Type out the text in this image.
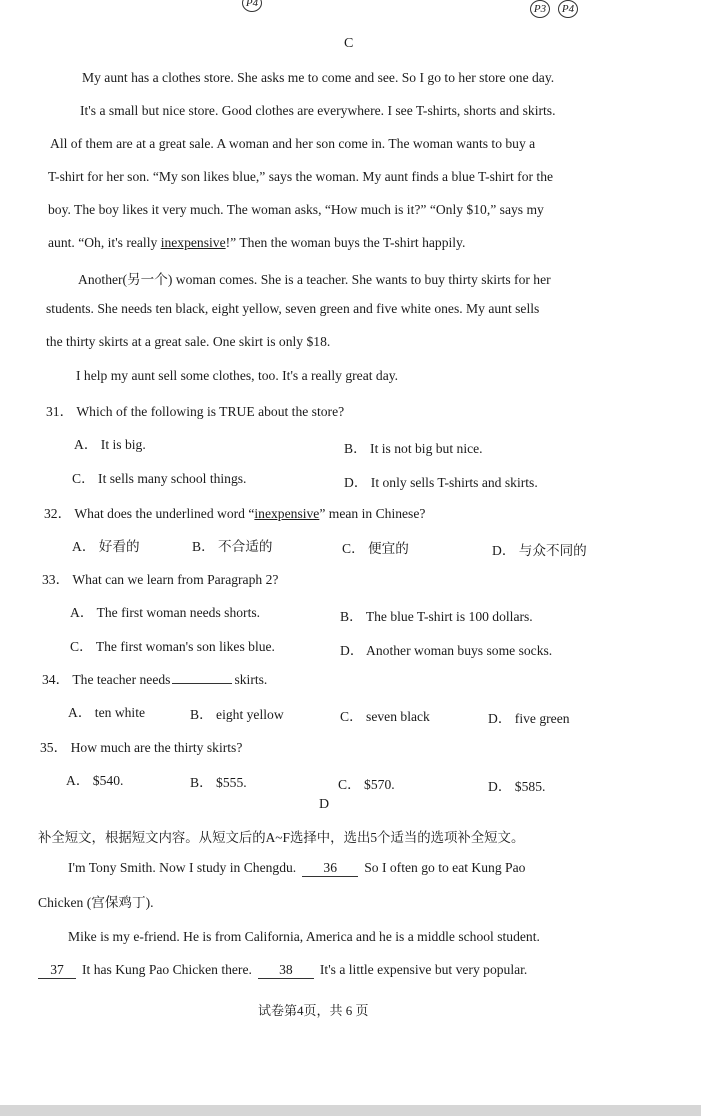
P4	P3	P4
C
My aunt has a clothes store. She asks me to come and see. So I go to her store one day.
It's a small but nice store. Good clothes are everywhere. I see T-shirts, shorts and skirts.
All of them are at a great sale. A woman and her son come in. The woman wants to buy a
T-shirt for her son. “My son likes blue,” says the woman. My aunt finds a blue T-shirt for the
boy. The boy likes it very much. The woman asks, “How much is it?” “Only $10,” says my
aunt. “Oh, it's really inexpensive!” Then the woman buys the T-shirt happily.
Another(另一个) woman comes. She is a teacher. She wants to buy thirty skirts for her
students. She needs ten black, eight yellow, seven green and five white ones. My aunt sells
the thirty skirts at a great sale. One skirt is only $18.
I help my aunt sell some clothes, too. It's a really great day.
31． Which of the following is TRUE about the store?
A． It is big.	B． It is not big but nice.
C． It sells many school things.	D． It only sells T-shirts and skirts.
32． What does the underlined word “inexpensive” mean in Chinese?
A． 好看的	B． 不合适的	C． 便宜的	D． 与众不同的
33． What can we learn from Paragraph 2?
A． The first woman needs shorts.	B． The blue T-shirt is 100 dollars.
C． The first woman's son likes blue.	D． Another woman buys some socks.
34． The teacher needs	skirts.
A． ten white	B． eight yellow	C． seven black	D． five green
35． How much are the thirty skirts?
A． $540.	B． $555.	C． $570.	D． $585.
D
补全短文，根据短文内容。从短文后的A~F选择中，选出5个适当的选项补全短文。
I'm Tony Smith. Now I study in Chengdu. 36 So I often go to eat Kung Pao
Chicken (宫保鸡丁).
Mike is my e-friend. He is from California, America and he is a middle school student.
37 It has Kung Pao Chicken there. 38 It's a little expensive but very popular.
试卷第4页，共 6 页
